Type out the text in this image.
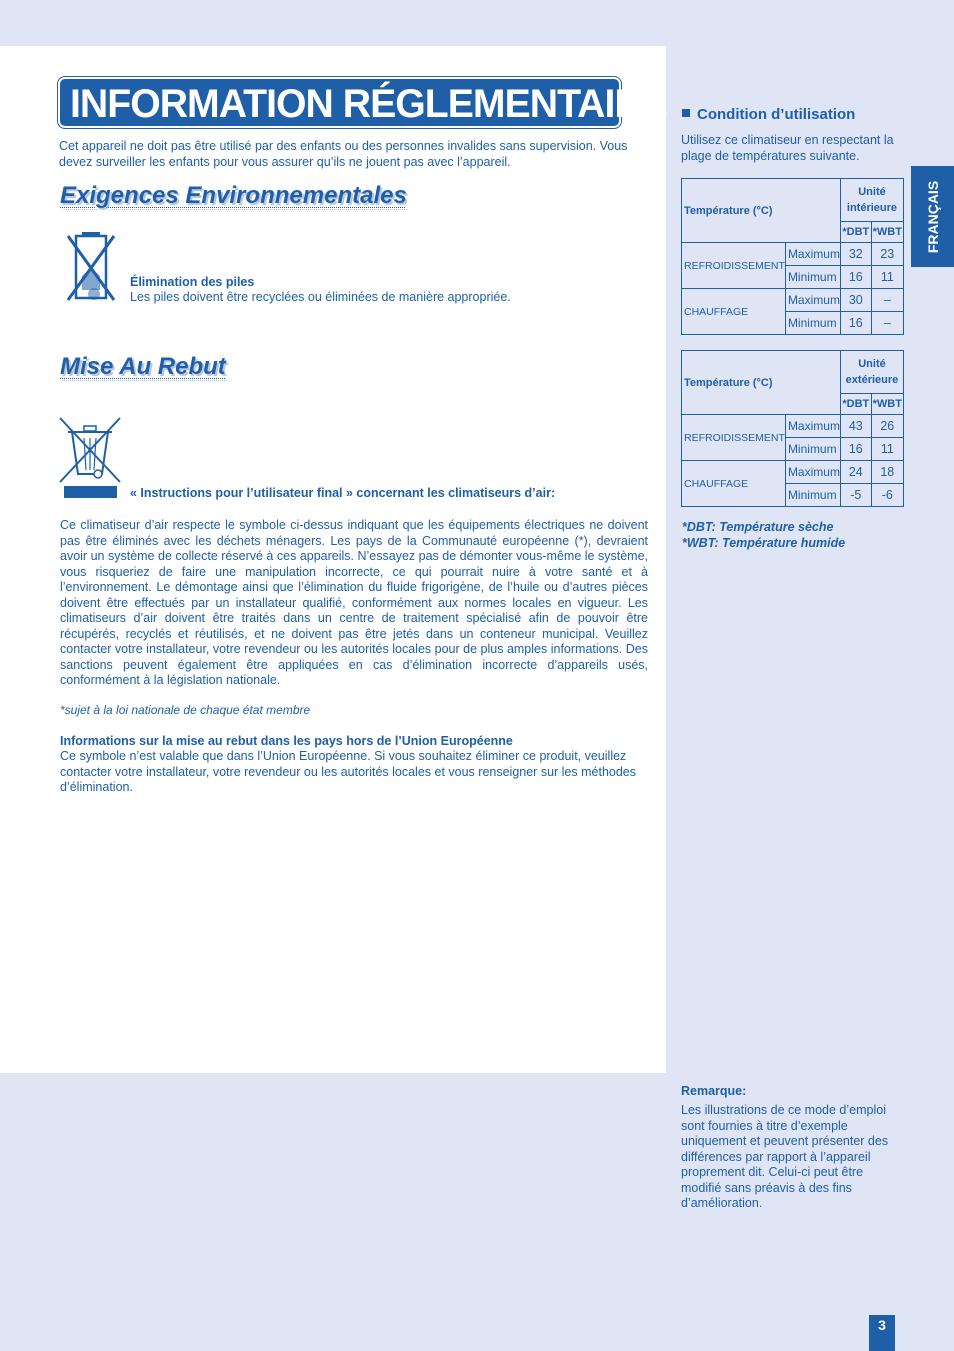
INFORMATION RÉGLEMENTAIRE

Cet appareil ne doit pas être utilisé par des enfants ou des personnes invalides sans supervision. Vous devez surveiller les enfants pour vous assurer qu’ils ne jouent pas avec l’appareil.

Exigences Environnementales

Élimination des piles

Les piles doivent être recyclées ou éliminées de manière appropriée.

Mise Au Rebut

« Instructions pour l’utilisateur final » concernant les climatiseurs d’air:

Ce climatiseur d’air respecte le symbole ci-dessus indiquant que les équipements électriques ne doivent pas être éliminés avec les déchets ménagers. Les pays de la Communauté européenne (*), devraient avoir un système de collecte réservé à ces appareils. N’essayez pas de démonter vous-même le système, vous risqueriez de faire une manipulation incorrecte, ce qui pourrait nuire à votre santé et à l’environnement. Le démontage ainsi que l’élimination du fluide frigorigène, de l’huile ou d’autres pièces doivent être effectués par un installateur qualifié, conformément aux normes locales en vigueur. Les climatiseurs d’air doivent être traités dans un centre de traitement spécialisé afin de pouvoir être récupérés, recyclés et réutilisés, et ne doivent pas être jetés dans un conteneur municipal. Veuillez contacter votre installateur, votre revendeur ou les autorités locales pour de plus amples informations. Des sanctions peuvent également être appliquées en cas d’élimination incorrecte d’appareils usés, conformément à la législation nationale.

*sujet à la loi nationale de chaque état membre

Informations sur la mise au rebut dans les pays hors de l’Union Européenne

Ce symbole n’est valable que dans l’Union Européenne. Si vous souhaitez éliminer ce produit, veuillez contacter votre installateur, votre revendeur ou les autorités locales et vous renseigner sur les méthodes d’élimination.

Condition d’utilisation

Utilisez ce climatiseur en respectant la plage de températures suivante.

Température (°C)		Unité
intérieure	
		*DBT	*WBT
REFROIDISSEMENT	Maximum	32	23
	Minimum	16	11
CHAUFFAGE	Maximum	30	–
	Minimum	16	–
Température (°C)		Unité
extérieure	
		*DBT	*WBT
REFROIDISSEMENT	Maximum	43	26
	Minimum	16	11
CHAUFFAGE	Maximum	24	18
	Minimum	-5	-6
*DBT: Température sèche
*WBT: Température humide
FRANÇAIS

Remarque:

Les illustrations de ce mode d’emploi sont fournies à titre d’exemple uniquement et peuvent présenter des différences par rapport à l’appareil proprement dit. Celui-ci peut être modifié sans préavis à des fins d’amélioration.

3
